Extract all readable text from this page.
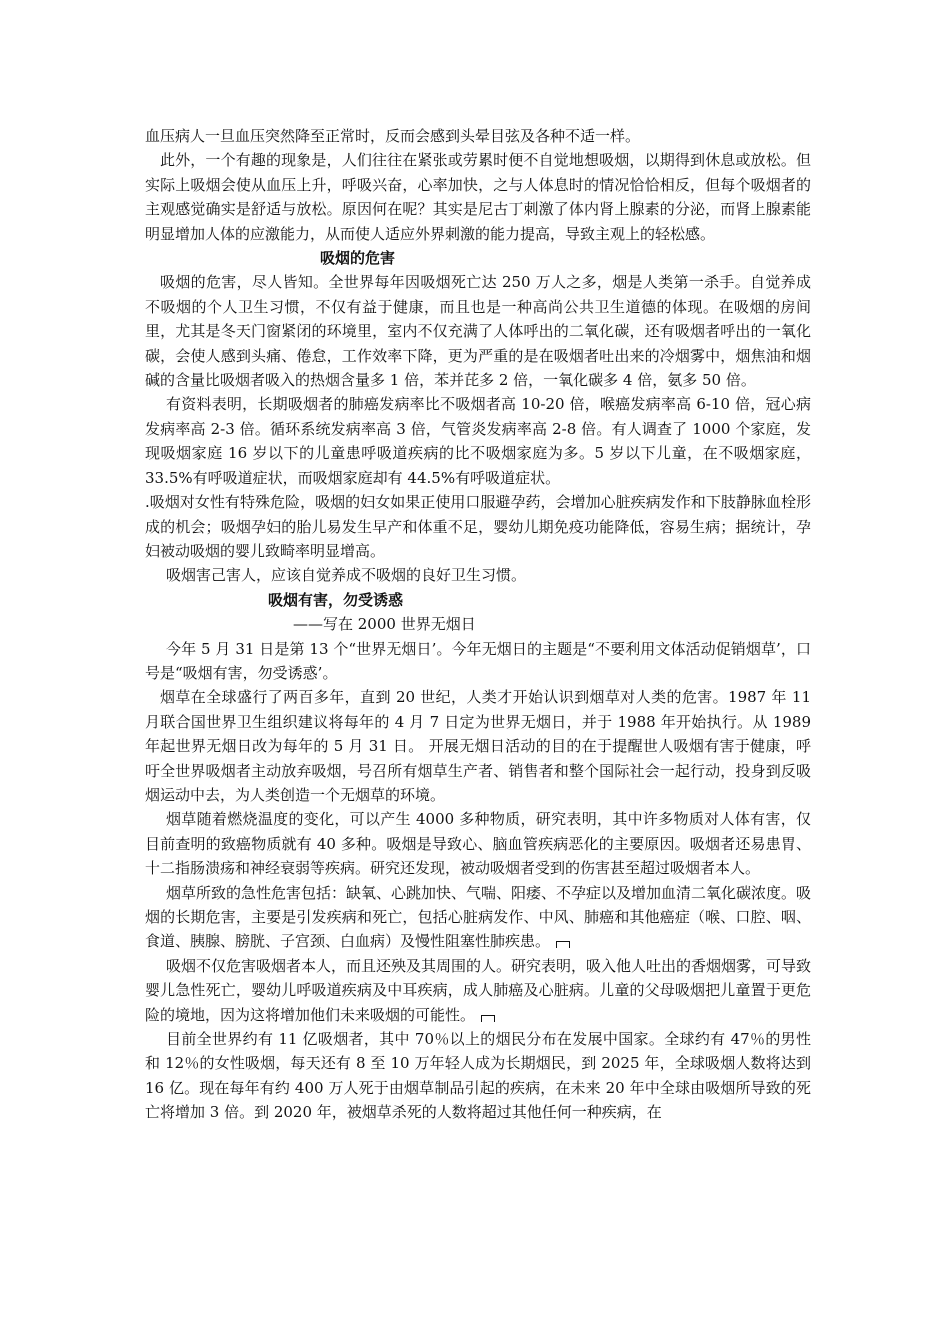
血压病人一旦血压突然降至正常时，反而会感到头晕目弦及各种不适一样。

此外，一个有趣的现象是，人们往往在紧张或劳累时便不自觉地想吸烟，以期得到休息或放松。但实际上吸烟会使从血压上升，呼吸兴奋，心率加快，之与人体息时的情况恰恰相反，但每个吸烟者的主观感觉确实是舒适与放松。原因何在呢？其实是尼古丁刺激了体内肾上腺素的分泌，而肾上腺素能明显增加人体的应激能力，从而使人适应外界刺激的能力提高，导致主观上的轻松感。

吸烟的危害

吸烟的危害，尽人皆知。全世界每年因吸烟死亡达 250 万人之多，烟是人类第一杀手。自觉养成不吸烟的个人卫生习惯，不仅有益于健康，而且也是一种高尚公共卫生道德的体现。在吸烟的房间里，尤其是冬天门窗紧闭的环境里，室内不仅充满了人体呼出的二氧化碳，还有吸烟者呼出的一氧化碳，会使人感到头痛、倦怠，工作效率下降，更为严重的是在吸烟者吐出来的冷烟雾中，烟焦油和烟碱的含量比吸烟者吸入的热烟含量多 1 倍，苯并芘多 2 倍，一氧化碳多 4 倍，氨多 50 倍。

有资料表明，长期吸烟者的肺癌发病率比不吸烟者高 10-20 倍，喉癌发病率高 6-10 倍，冠心病发病率高 2-3 倍。循环系统发病率高 3 倍，气管炎发病率高 2-8 倍。有人调查了 1000 个家庭，发现吸烟家庭 16 岁以下的儿童患呼吸道疾病的比不吸烟家庭为多。5 岁以下儿童，在不吸烟家庭，33.5%有呼吸道症状，而吸烟家庭却有 44.5%有呼吸道症状。

.吸烟对女性有特殊危险，吸烟的妇女如果正使用口服避孕药，会增加心脏疾病发作和下肢静脉血栓形成的机会；吸烟孕妇的胎儿易发生早产和体重不足，婴幼儿期免疫功能降低，容易生病；据统计，孕妇被动吸烟的婴儿致畸率明显增高。

吸烟害己害人，应该自觉养成不吸烟的良好卫生习惯。

吸烟有害，勿受诱惑

——写在 2000 世界无烟日

今年 5 月 31 日是第 13 个“世界无烟日’。今年无烟日的主题是“不要利用文体活动促销烟草’，口号是“吸烟有害，勿受诱惑’。

烟草在全球盛行了两百多年，直到 20 世纪，人类才开始认识到烟草对人类的危害。1987 年 11 月联合国世界卫生组织建议将每年的 4 月 7 日定为世界无烟日，并于 1988 年开始执行。从 1989 年起世界无烟日改为每年的 5 月 31 日。 开展无烟日活动的目的在于提醒世人吸烟有害于健康，呼吁全世界吸烟者主动放弃吸烟，号召所有烟草生产者、销售者和整个国际社会一起行动，投身到反吸烟运动中去，为人类创造一个无烟草的环境。

烟草随着燃烧温度的变化，可以产生 4000 多种物质，研究表明，其中许多物质对人体有害，仅目前查明的致癌物质就有 40 多种。吸烟是导致心、脑血管疾病恶化的主要原因。吸烟者还易患胃、十二指肠溃疡和神经衰弱等疾病。研究还发现，被动吸烟者受到的伤害甚至超过吸烟者本人。

烟草所致的急性危害包括：缺氧、心跳加快、气喘、阳痿、不孕症以及增加血清二氧化碳浓度。吸烟的长期危害，主要是引发疾病和死亡，包括心脏病发作、中风、肺癌和其他癌症（喉、口腔、咽、食道、胰腺、膀胱、子宫颈、白血病）及慢性阻塞性肺疾患。

吸烟不仅危害吸烟者本人，而且还殃及其周围的人。研究表明，吸入他人吐出的香烟烟雾，可导致婴儿急性死亡，婴幼儿呼吸道疾病及中耳疾病，成人肺癌及心脏病。儿童的父母吸烟把儿童置于更危险的境地，因为这将增加他们未来吸烟的可能性。

目前全世界约有 11 亿吸烟者，其中 70％以上的烟民分布在发展中国家。全球约有 47％的男性和 12％的女性吸烟，每天还有 8 至 10 万年轻人成为长期烟民，到 2025 年，全球吸烟人数将达到 16 亿。现在每年有约 400 万人死于由烟草制品引起的疾病，在未来 20 年中全球由吸烟所导致的死亡将增加 3 倍。到 2020 年，被烟草杀死的人数将超过其他任何一种疾病，在
